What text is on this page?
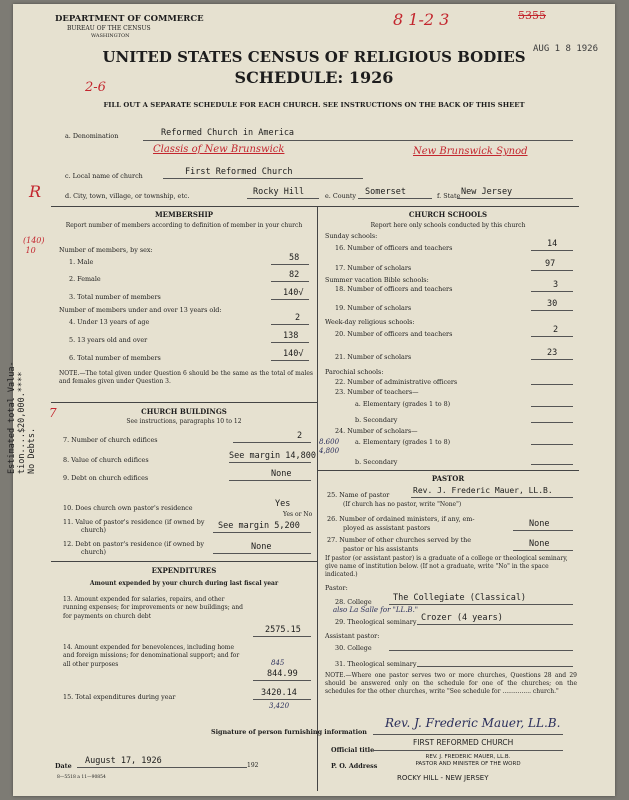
DEPARTMENT OF COMMERCE
BUREAU OF THE CENSUS
WASHINGTON
8 1-2 3	5355
AUG 1 8 1926
UNITED STATES CENSUS OF RELIGIOUS BODIES
SCHEDULE: 1926
2-6
FILL OUT A SEPARATE SCHEDULE FOR EACH CHURCH. SEE INSTRUCTIONS ON THE BACK OF THIS SHEET
a. Denomination	Reformed Church in America
Classis of New Brunswick	New Brunswick Synod
c. Local name of church	First Reformed Church
R	d. City, town, village, or township, etc.	Rocky Hill	e. County Somerset	f. State New Jersey
MEMBERSHIP
Report number of members according to definition of member in your church
(140)
10	Number of members, by sex:
1. Male	58
2. Female	82
3. Total number of members	140√
Number of members under and over 13 years old:
4. Under 13 years of age	2
5. 13 years old and over	138
6. Total number of members	140√
NOTE.—The total given under Question 6 should be the same as the total of males and females given under Question 3.
CHURCH BUILDINGS
See instructions, paragraphs 10 to 12
7
7. Number of church edifices	2
8. Value of church edifices	See margin 14,800
8.600
4,800
9. Debt on church edifices	None
10. Does church own pastor's residence	Yes
Yes or No
11. Value of pastor's residence (if owned by
church)	See margin 5,200
12. Debt on pastor's residence (if owned by
church)	None
EXPENDITURES
Amount expended by your church during last fiscal year
13. Amount expended for salaries, repairs, and other running expenses; for improvements or new buildings; and for payments on church debt
2575.15
14. Amount expended for benevolences, including home and foreign missions; for denominational support; and for all other purposes	845
844.99
15. Total expenditures during year	3420.14
3,420
Estimated total Valua- tion....$20,000.**** No Debts.
CHURCH SCHOOLS
Report here only schools conducted by this church
Sunday schools:
16. Number of officers and teachers	14
17. Number of scholars	97
Summer vacation Bible schools:
18. Number of officers and teachers	3
19. Number of scholars	30
Week-day religious schools:
20. Number of officers and teachers	2
21. Number of scholars	23
Parochial schools:
22. Number of administrative officers
23. Number of teachers—
a. Elementary (grades 1 to 8)
b. Secondary
24. Number of scholars—
a. Elementary (grades 1 to 8)
b. Secondary
PASTOR
25. Name of pastor	Rev. J. Frederic Mauer, LL.B.
(If church has no pastor, write "None")
26. Number of ordained ministers, if any, em-
ployed as assistant pastors	None
27. Number of other churches served by the
pastor or his assistants	None
If pastor (or assistant pastor) is a graduate of a college or theological seminary, give name of institution below. (If not a graduate, write "No" in the space indicated.)
Pastor:
28. College	The Collegiate (Classical)
also La Salle for "LL.B."
29. Theological seminary Crozer (4 years)
Assistant pastor:
30. College
31. Theological seminary
NOTE.—Where one pastor serves two or more churches, Questions 28 and 29 should be answered only on the schedule for one of the churches; on the schedules for the other churches, write "See schedule for ............... church."
Signature of person furnishing information
Rev. J. Frederic Mauer, LL.B.
Official title
FIRST REFORMED CHURCH
REV. J. FREDERIC MAUER, LL.B.
PASTOR AND MINISTER OF THE WORD
Date August 17, 1926	192	P. O. Address
ROCKY HILL - NEW JERSEY
8—5518 a 11—90854
